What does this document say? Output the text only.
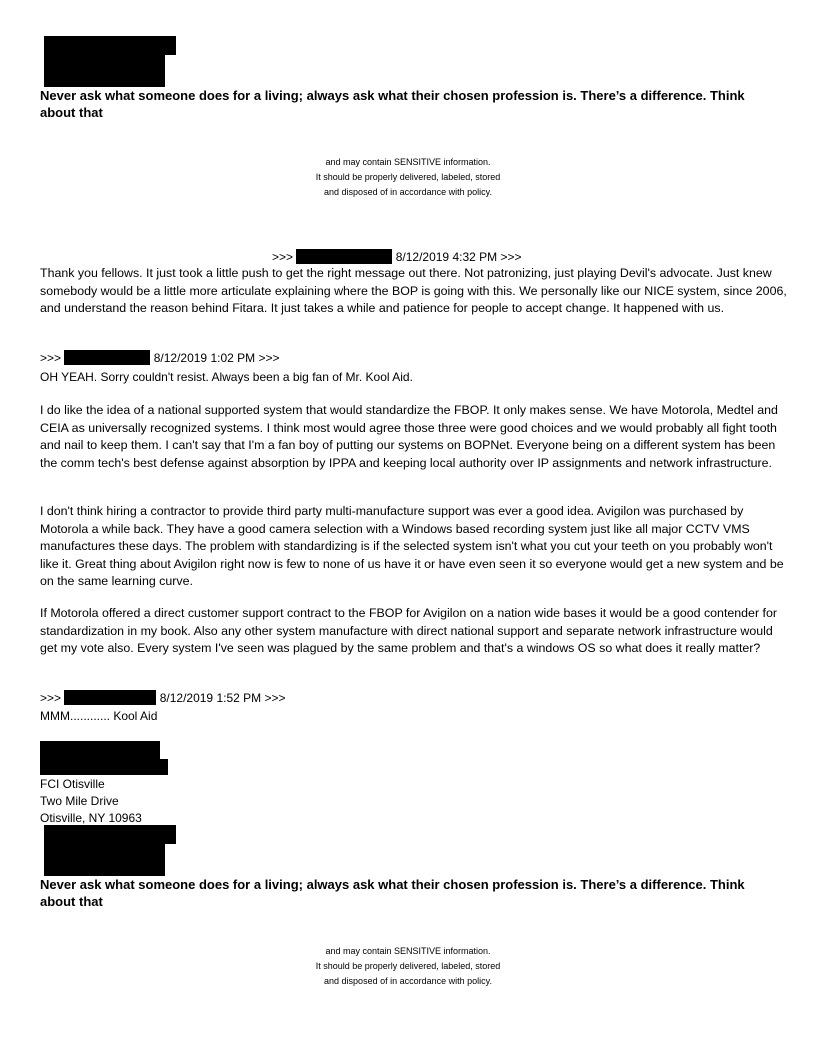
Never ask what someone does for a living; always ask what their chosen profession is. There’s a difference. Think about that
and may contain SENSITIVE information.
It should be properly delivered, labeled, stored
and disposed of in accordance with policy.
>>>	8/12/2019 4:32 PM >>>
Thank you fellows. It just took a little push to get the right message out there. Not patronizing, just playing Devil's advocate. Just knew somebody would be a little more articulate explaining where the BOP is going with this. We personally like our NICE system, since 2006, and understand the reason behind Fitara. It just takes a while and patience for people to accept change. It happened with us.
>>>	8/12/2019 1:02 PM >>>
OH YEAH. Sorry couldn't resist. Always been a big fan of Mr. Kool Aid.
I do like the idea of a national supported system that would standardize the FBOP. It only makes sense. We have Motorola, Medtel and CEIA as universally recognized systems. I think most would agree those three were good choices and we would probably all fight tooth and nail to keep them. I can't say that I'm a fan boy of putting our systems on BOPNet. Everyone being on a different system has been the comm tech's best defense against absorption by IPPA and keeping local authority over IP assignments and network infrastructure.
I don't think hiring a contractor to provide third party multi-manufacture support was ever a good idea. Avigilon was purchased by Motorola a while back. They have a good camera selection with a Windows based recording system just like all major CCTV VMS manufactures these days. The problem with standardizing is if the selected system isn't what you cut your teeth on you probably won't like it. Great thing about Avigilon right now is few to none of us have it or have even seen it so everyone would get a new system and be on the same learning curve.
If Motorola offered a direct customer support contract to the FBOP for Avigilon on a nation wide bases it would be a good contender for standardization in my book. Also any other system manufacture with direct national support and separate network infrastructure would get my vote also. Every system I've seen was plagued by the same problem and that's a windows OS so what does it really matter?
>>>	8/12/2019 1:52 PM >>>
MMM............ Kool Aid
FCI Otisville
Two Mile Drive
Otisville, NY 10963
Never ask what someone does for a living; always ask what their chosen profession is. There’s a difference. Think about that
and may contain SENSITIVE information.
It should be properly delivered, labeled, stored
and disposed of in accordance with policy.
